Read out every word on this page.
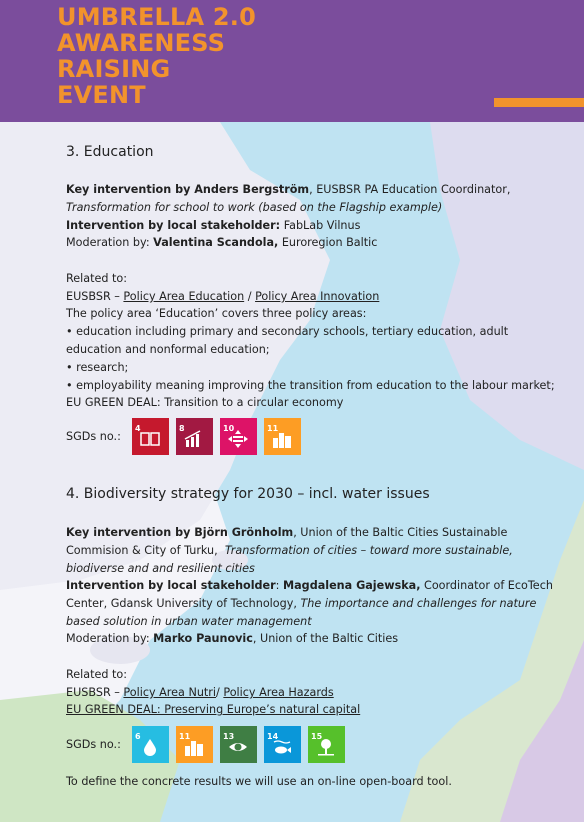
UMBRELLA 2.0
AWARENESS
RAISING
EVENT
3. Education
Key intervention by Anders Bergström, EUSBSR PA Education Coordinator,
Transformation for school to work (based on the Flagship example)
Intervention by local stakeholder: FabLab Vilnus
Moderation by: Valentina Scandola, Euroregion Baltic
Related to:
EUSBSR – Policy Area Education / Policy Area Innovation
The policy area ‘Education’ covers three policy areas:
• education including primary and secondary schools, tertiary education, adult education and nonformal education;
• research;
• employability meaning improving the transition from education to the labour market;
EU GREEN DEAL: Transition to a circular economy
SGDs no.:
4	8	10	11
4. Biodiversity strategy for 2030 – incl. water issues
Key intervention by Björn Grönholm, Union of the Baltic Cities Sustainable Commision & City of Turku, Transformation of cities – toward more sustainable, biodiverse and and resilient cities
Intervention by local stakeholder: Magdalena Gajewska, Coordinator of EcoTech Center, Gdansk University of Technology, The importance and challenges for nature based solution in urban water management
Moderation by: Marko Paunovic, Union of the Baltic Cities
Related to:
EUSBSR – Policy Area Nutri/ Policy Area Hazards
EU GREEN DEAL: Preserving Europe’s natural capital
SGDs no.:
6	11	13	14	15
To define the concrete results we will use an on-line open-board tool.
